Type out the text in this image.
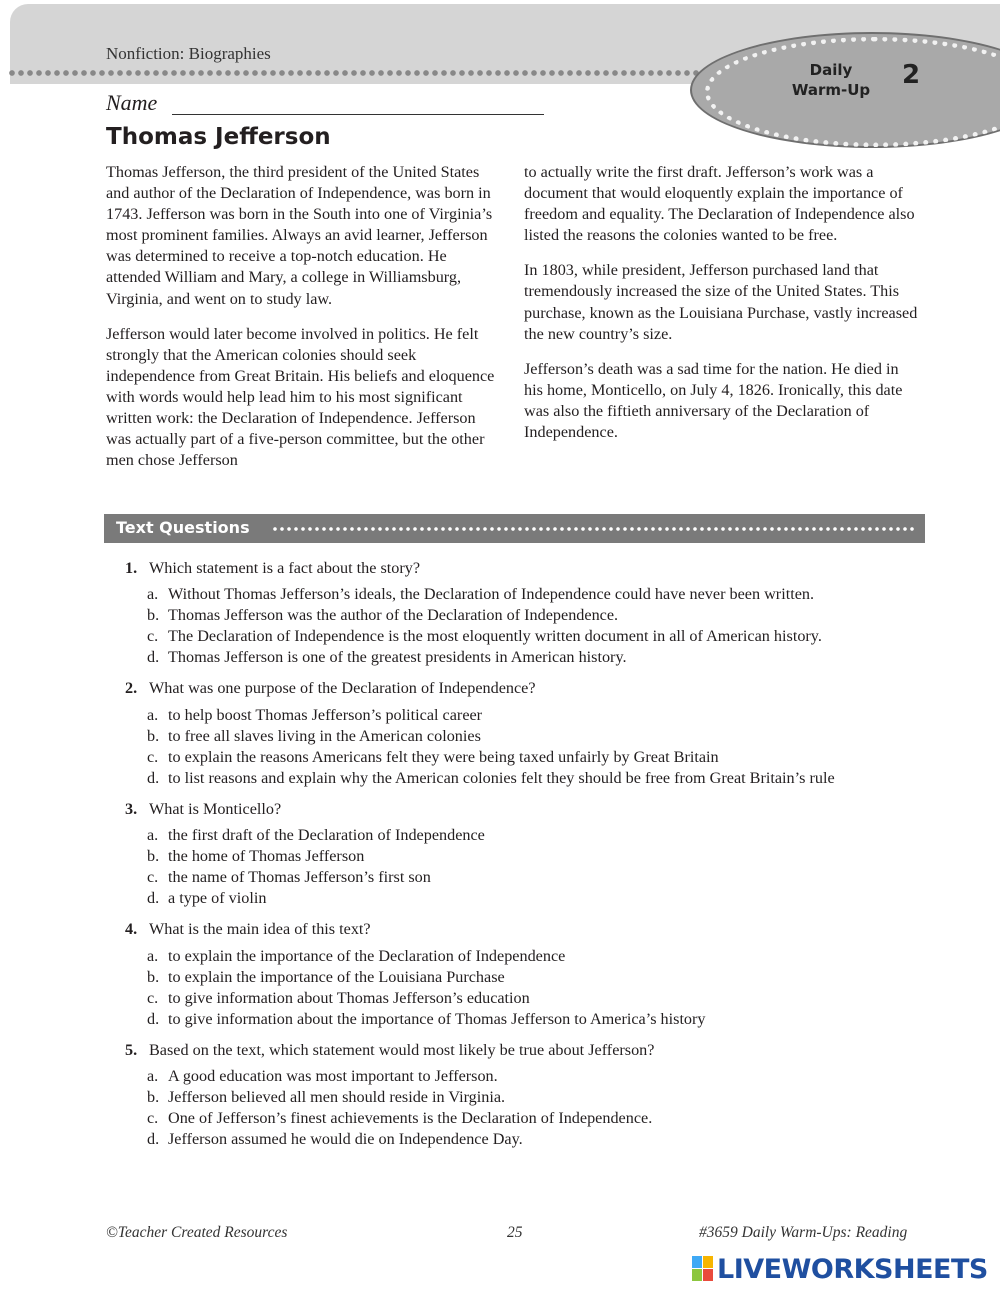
Nonfiction: Biographies
Daily Warm-Up 2
Name
Thomas Jefferson

Thomas Jefferson, the third president of the United States and author of the Declaration of Independence, was born in 1743. Jefferson was born in the South into one of Virginia’s most prominent families. Always an avid learner, Jefferson was determined to receive a top-notch education. He attended William and Mary, a college in Williamsburg, Virginia, and went on to study law.

Jefferson would later become involved in politics. He felt strongly that the American colonies should seek independence from Great Britain. His beliefs and eloquence with words would help lead him to his most significant written work: the Declaration of Independence. Jefferson was actually part of a five-person committee, but the other men chose Jefferson

to actually write the first draft. Jefferson’s work was a document that would eloquently explain the importance of freedom and equality. The Declaration of Independence also listed the reasons the colonies wanted to be free.

In 1803, while president, Jefferson purchased land that tremendously increased the size of the United States. This purchase, known as the Louisiana Purchase, vastly increased the new country’s size.

Jefferson’s death was a sad time for the nation. He died in his home, Monticello, on July 4, 1826. Ironically, this date was also the fiftieth anniversary of the Declaration of Independence.

Text Questions
1. Which statement is a fact about the story?
a. Without Thomas Jefferson’s ideals, the Declaration of Independence could have never been written.
b. Thomas Jefferson was the author of the Declaration of Independence.
c. The Declaration of Independence is the most eloquently written document in all of American history.
d. Thomas Jefferson is one of the greatest presidents in American history.
2. What was one purpose of the Declaration of Independence?
a. to help boost Thomas Jefferson’s political career
b. to free all slaves living in the American colonies
c. to explain the reasons Americans felt they were being taxed unfairly by Great Britain
d. to list reasons and explain why the American colonies felt they should be free from Great Britain’s rule
3. What is Monticello?
a. the first draft of the Declaration of Independence
b. the home of Thomas Jefferson
c. the name of Thomas Jefferson’s first son
d. a type of violin
4. What is the main idea of this text?
a. to explain the importance of the Declaration of Independence
b. to explain the importance of the Louisiana Purchase
c. to give information about Thomas Jefferson’s education
d. to give information about the importance of Thomas Jefferson to America’s history
5. Based on the text, which statement would most likely be true about Jefferson?
a. A good education was most important to Jefferson.
b. Jefferson believed all men should reside in Virginia.
c. One of Jefferson’s finest achievements is the Declaration of Independence.
d. Jefferson assumed he would die on Independence Day.
©Teacher Created Resources	25	#3659 Daily Warm-Ups: Reading
LIVEWORKSHEETS
